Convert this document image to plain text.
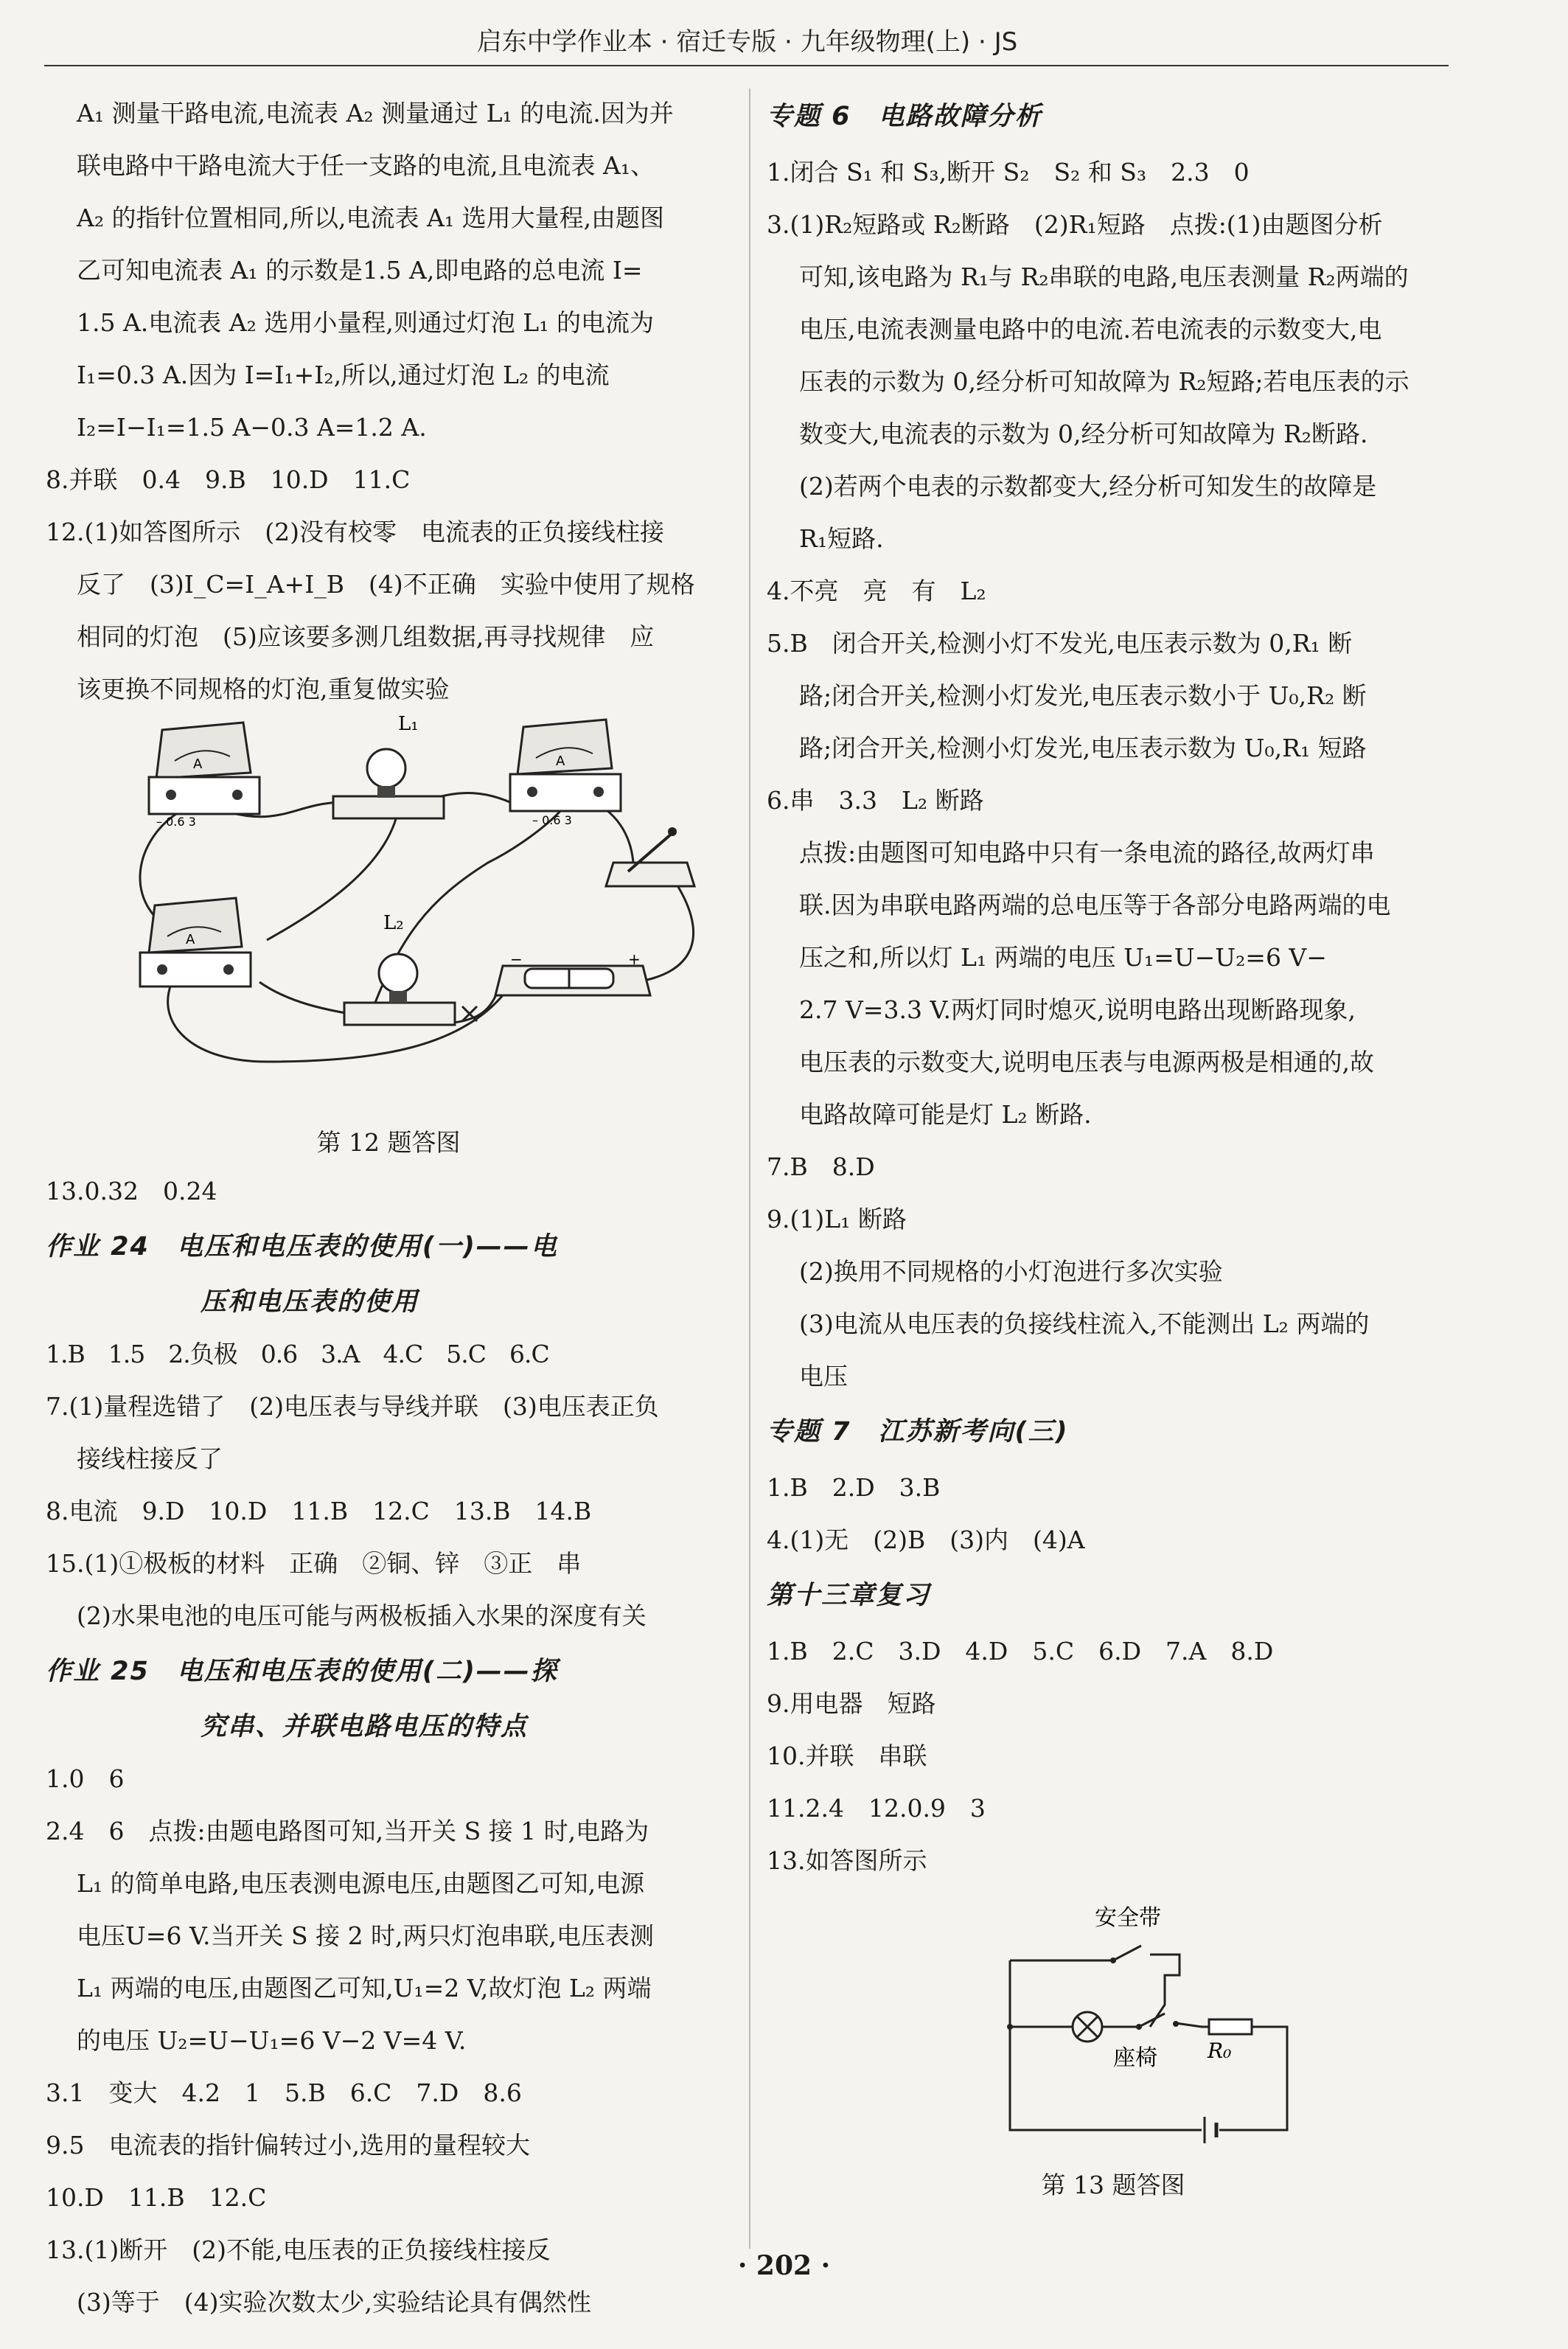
启东中学作业本 · 宿迁专版 · 九年级物理(上) · JS
A₁ 测量干路电流,电流表 A₂ 测量通过 L₁ 的电流.因为并
联电路中干路电流大于任一支路的电流,且电流表 A₁、
A₂ 的指针位置相同,所以,电流表 A₁ 选用大量程,由题图
乙可知电流表 A₁ 的示数是1.5 A,即电路的总电流 I=
1.5 A.电流表 A₂ 选用小量程,则通过灯泡 L₁ 的电流为
I₁=0.3 A.因为 I=I₁+I₂,所以,通过灯泡 L₂ 的电流
I₂=I−I₁=1.5 A−0.3 A=1.2 A.
8.并联　0.4　9.B　10.D　11.C
12.(1)如答图所示　(2)没有校零　电流表的正负接线柱接
反了　(3)I_C=I_A+I_B　(4)不正确　实验中使用了规格
相同的灯泡　(5)应该要多测几组数据,再寻找规律　应
该更换不同规格的灯泡,重复做实验
A
– 0.6 3
L₁
A
– 0.6 3
A
L₂
−	+
第 12 题答图
13.0.32　0.24
作业 24　电压和电压表的使用(一)——电
压和电压表的使用
1.B　1.5　2.负极　0.6　3.A　4.C　5.C　6.C
7.(1)量程选错了　(2)电压表与导线并联　(3)电压表正负
接线柱接反了
8.电流　9.D　10.D　11.B　12.C　13.B　14.B
15.(1)①极板的材料　正确　②铜、锌　③正　串
(2)水果电池的电压可能与两极板插入水果的深度有关
作业 25　电压和电压表的使用(二)——探
究串、并联电路电压的特点
1.0　6
2.4　6　点拨:由题电路图可知,当开关 S 接 1 时,电路为
L₁ 的简单电路,电压表测电源电压,由题图乙可知,电源
电压U=6 V.当开关 S 接 2 时,两只灯泡串联,电压表测
L₁ 两端的电压,由题图乙可知,U₁=2 V,故灯泡 L₂ 两端
的电压 U₂=U−U₁=6 V−2 V=4 V.
3.1　变大　4.2　1　5.B　6.C　7.D　8.6
9.5　电流表的指针偏转过小,选用的量程较大
10.D　11.B　12.C
13.(1)断开　(2)不能,电压表的正负接线柱接反
(3)等于　(4)实验次数太少,实验结论具有偶然性
专题 6　电路故障分析
1.闭合 S₁ 和 S₃,断开 S₂　S₂ 和 S₃　2.3　0
3.(1)R₂短路或 R₂断路　(2)R₁短路　点拨:(1)由题图分析
可知,该电路为 R₁与 R₂串联的电路,电压表测量 R₂两端的
电压,电流表测量电路中的电流.若电流表的示数变大,电
压表的示数为 0,经分析可知故障为 R₂短路;若电压表的示
数变大,电流表的示数为 0,经分析可知故障为 R₂断路.
(2)若两个电表的示数都变大,经分析可知发生的故障是
R₁短路.
4.不亮　亮　有　L₂
5.B　闭合开关,检测小灯不发光,电压表示数为 0,R₁ 断
路;闭合开关,检测小灯发光,电压表示数小于 U₀,R₂ 断
路;闭合开关,检测小灯发光,电压表示数为 U₀,R₁ 短路
6.串　3.3　L₂ 断路
点拨:由题图可知电路中只有一条电流的路径,故两灯串
联.因为串联电路两端的总电压等于各部分电路两端的电
压之和,所以灯 L₁ 两端的电压 U₁=U−U₂=6 V−
2.7 V=3.3 V.两灯同时熄灭,说明电路出现断路现象,
电压表的示数变大,说明电压表与电源两极是相通的,故
电路故障可能是灯 L₂ 断路.
7.B　8.D
9.(1)L₁ 断路
(2)换用不同规格的小灯泡进行多次实验
(3)电流从电压表的负接线柱流入,不能测出 L₂ 两端的
电压
专题 7　江苏新考向(三)
1.B　2.D　3.B
4.(1)无　(2)B　(3)内　(4)A
第十三章复习
1.B　2.C　3.D　4.D　5.C　6.D　7.A　8.D
9.用电器　短路
10.并联　串联
11.2.4　12.0.9　3
13.如答图所示
安全带
座椅 R₀
第 13 题答图
· 202 ·
